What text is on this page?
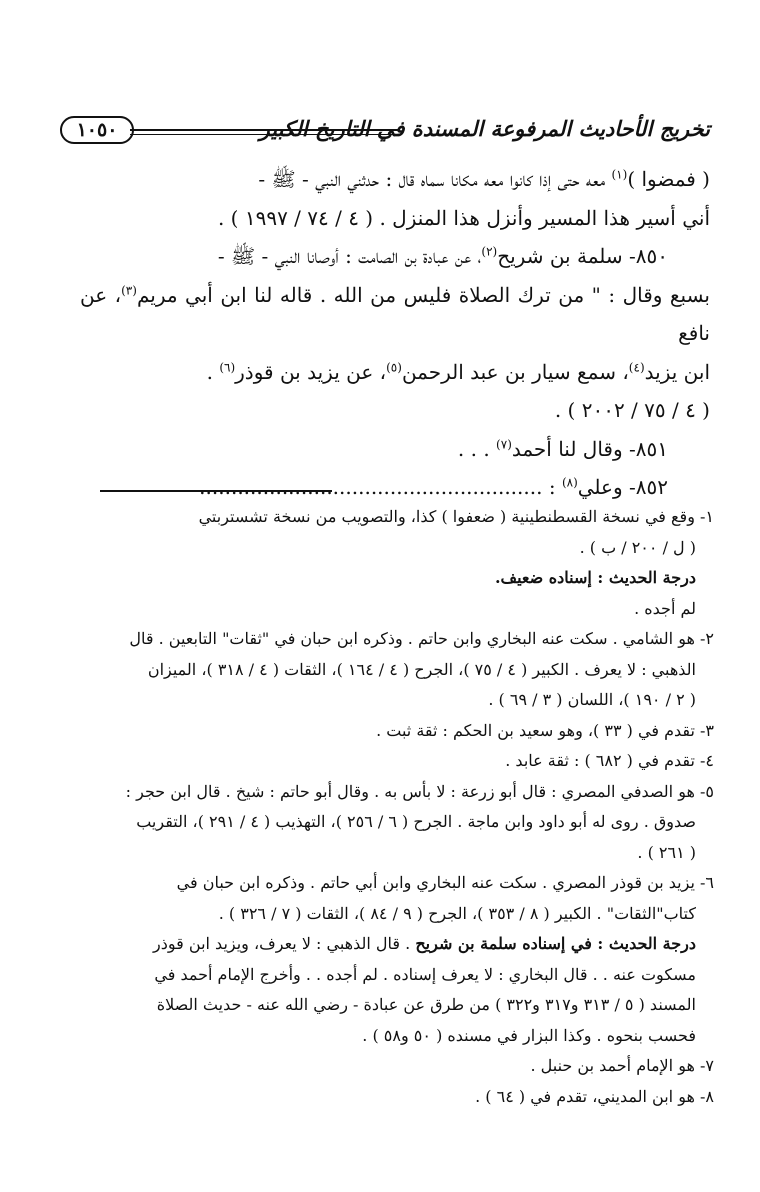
تخريج الأحاديث المرفوعة المسندة في التاريخ الكبير
١٠٥٠

( فمضوا )$^{(١)}$ معه حتى إذا كانوا معه مكانا سماه قال : حدثني النبي - ﷺ -

أني أسير هذا المسير وأنزل هذا المنزل . ( ٤ / ٧٤ / ١٩٩٧ ) .

٨٥٠- سلمة بن شريح$^{(٢)}$، عن عبادة بن الصامت : أوصانا النبي - ﷺ -

بسبع وقال : " من ترك الصلاة فليس من الله . قاله لنا ابن أبي مريم$^{(٣)}$، عن نافع

ابن يزيد$^{(٤)}$، سمع سيار بن عبد الرحمن$^{(٥)}$، عن يزيد بن قوذر$^{(٦)}$ .

( ٤ / ٧٥ / ٢٠٠٢ ) .

٨٥١- وقال لنا أحمد$^{(٧)}$ . . .

٨٥٢- وعلي$^{(٨)}$ : ......................................................

١- وقع في نسخة القسطنطينية ( ضعفوا ) كذا، والتصويب من نسخة تشستربتي

( ل / ٢٠٠ / ب ) .

درجة الحديث : إسناده ضعيف.

لم أجده .

٢- هو الشامي . سكت عنه البخاري وابن حاتم . وذكره ابن حبان في "ثقات" التابعين . قال

الذهبي : لا يعرف . الكبير ( ٤ / ٧٥ )، الجرح ( ٤ / ١٦٤ )، الثقات ( ٤ / ٣١٨ )، الميزان

( ٢ / ١٩٠ )، اللسان ( ٣ / ٦٩ ) .

٣- تقدم في ( ٣٣ )، وهو سعيد بن الحكم : ثقة ثبت .

٤- تقدم في ( ٦٨٢ ) : ثقة عابد .

٥- هو الصدفي المصري : قال أبو زرعة : لا بأس به . وقال أبو حاتم : شيخ . قال ابن حجر :

صدوق . روى له أبو داود وابن ماجة . الجرح ( ٦ / ٢٥٦ )، التهذيب ( ٤ / ٢٩١ )، التقريب

( ٢٦١ ) .

٦- يزيد بن قوذر المصري . سكت عنه البخاري وابن أبي حاتم . وذكره ابن حبان في

كتاب"الثقات" . الكبير ( ٨ / ٣٥٣ )، الجرح ( ٩ / ٨٤ )، الثقات ( ٧ / ٣٢٦ ) .

درجة الحديث : في إسناده سلمة بن شريح . قال الذهبي : لا يعرف، ويزيد ابن قوذر

مسكوت عنه . . قال البخاري : لا يعرف إسناده . لم أجده . . وأخرج الإمام أحمد في

المسند ( ٥ / ٣١٣ و٣١٧ و٣٢٢ ) من طرق عن عبادة - رضي الله عنه - حديث الصلاة

فحسب بنحوه . وكذا البزار في مسنده ( ٥٠ و٥٨ ) .

٧- هو الإمام أحمد بن حنبل .

٨- هو ابن المديني، تقدم في ( ٦٤ ) .
